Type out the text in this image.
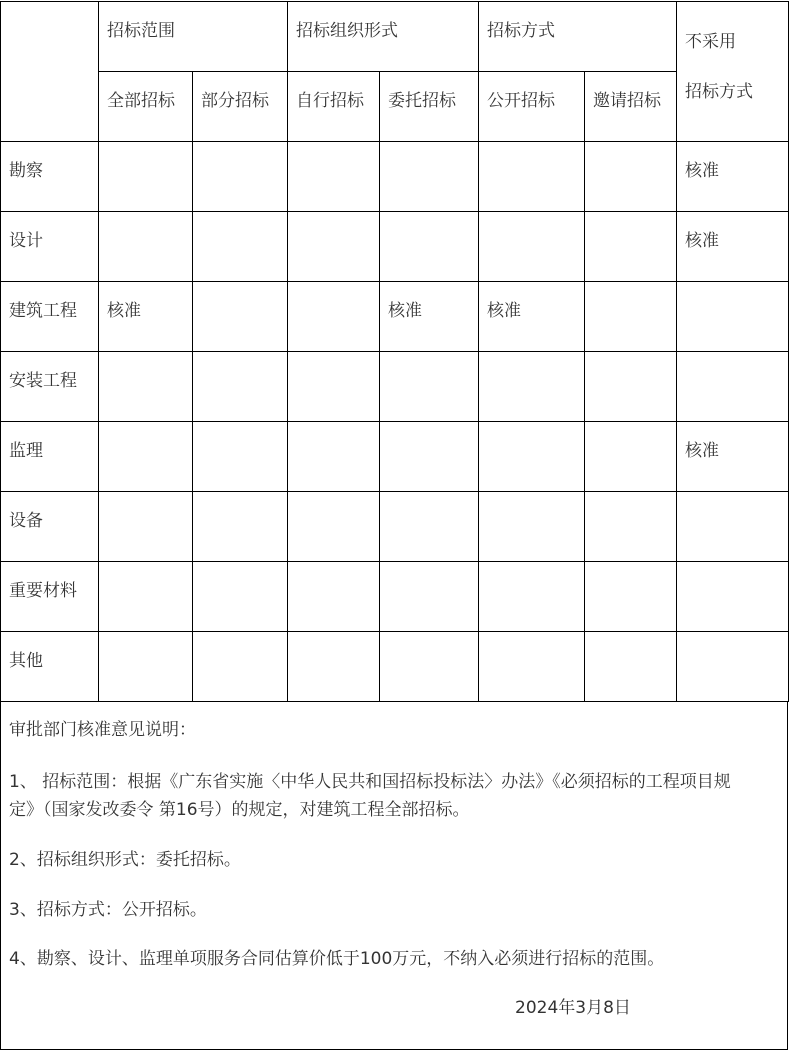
	招标范围		招标组织形式		招标方式		不采用
招标方式

	全部招标	部分招标	自行招标	委托招标	公开招标	邀请招标	

勘察							核准

设计							核准

建筑工程	核准			核准	核准		

安装工程							

监理							核准

设备							

重要材料							

其他							

审批部门核准意见说明：
1、 招标范围：根据《广东省实施〈中华人民共和国招标投标法〉办法》《必须招标的工程项目规
定》（国家发改委令 第16号）的规定，对建筑工程全部招标。
2、招标组织形式：委托招标。
3、招标方式：公开招标。
4、勘察、设计、监理单项服务合同估算价低于100万元，不纳入必须进行招标的范围。
2024年3月8日
